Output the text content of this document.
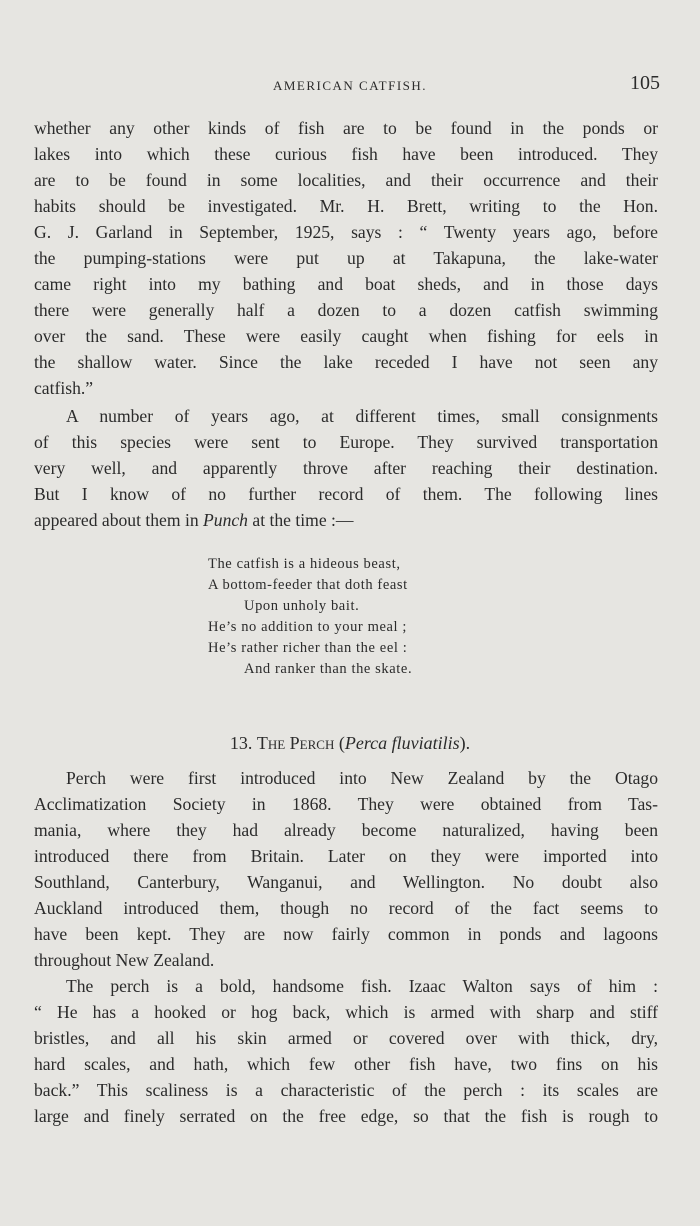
AMERICAN CATFISH.	105
whether any other kinds of fish are to be found in the ponds or
lakes into which these curious fish have been introduced. They
are to be found in some localities, and their occurrence and their
habits should be investigated. Mr. H. Brett, writing to the Hon.
G. J. Garland in September, 1925, says : “ Twenty years ago, before
the pumping-stations were put up at Takapuna, the lake-water
came right into my bathing and boat sheds, and in those days
there were generally half a dozen to a dozen catfish swimming
over the sand. These were easily caught when fishing for eels in
the shallow water. Since the lake receded I have not seen any
catfish.”
A number of years ago, at different times, small consignments
of this species were sent to Europe. They survived transportation
very well, and apparently throve after reaching their destination.
But I know of no further record of them. The following lines
appeared about them in Punch at the time :—
The catfish is a hideous beast,
A bottom-feeder that doth feast
Upon unholy bait.
He’s no addition to your meal ;
He’s rather richer than the eel :
And ranker than the skate.
13. The Perch (Perca fluviatilis).
Perch were first introduced into New Zealand by the Otago
Acclimatization Society in 1868. They were obtained from Tas-
mania, where they had already become naturalized, having been
introduced there from Britain. Later on they were imported into
Southland, Canterbury, Wanganui, and Wellington. No doubt also
Auckland introduced them, though no record of the fact seems to
have been kept. They are now fairly common in ponds and lagoons
throughout New Zealand.
The perch is a bold, handsome fish. Izaac Walton says of him :
“ He has a hooked or hog back, which is armed with sharp and stiff
bristles, and all his skin armed or covered over with thick, dry,
hard scales, and hath, which few other fish have, two fins on his
back.” This scaliness is a characteristic of the perch : its scales are
large and finely serrated on the free edge, so that the fish is rough to
